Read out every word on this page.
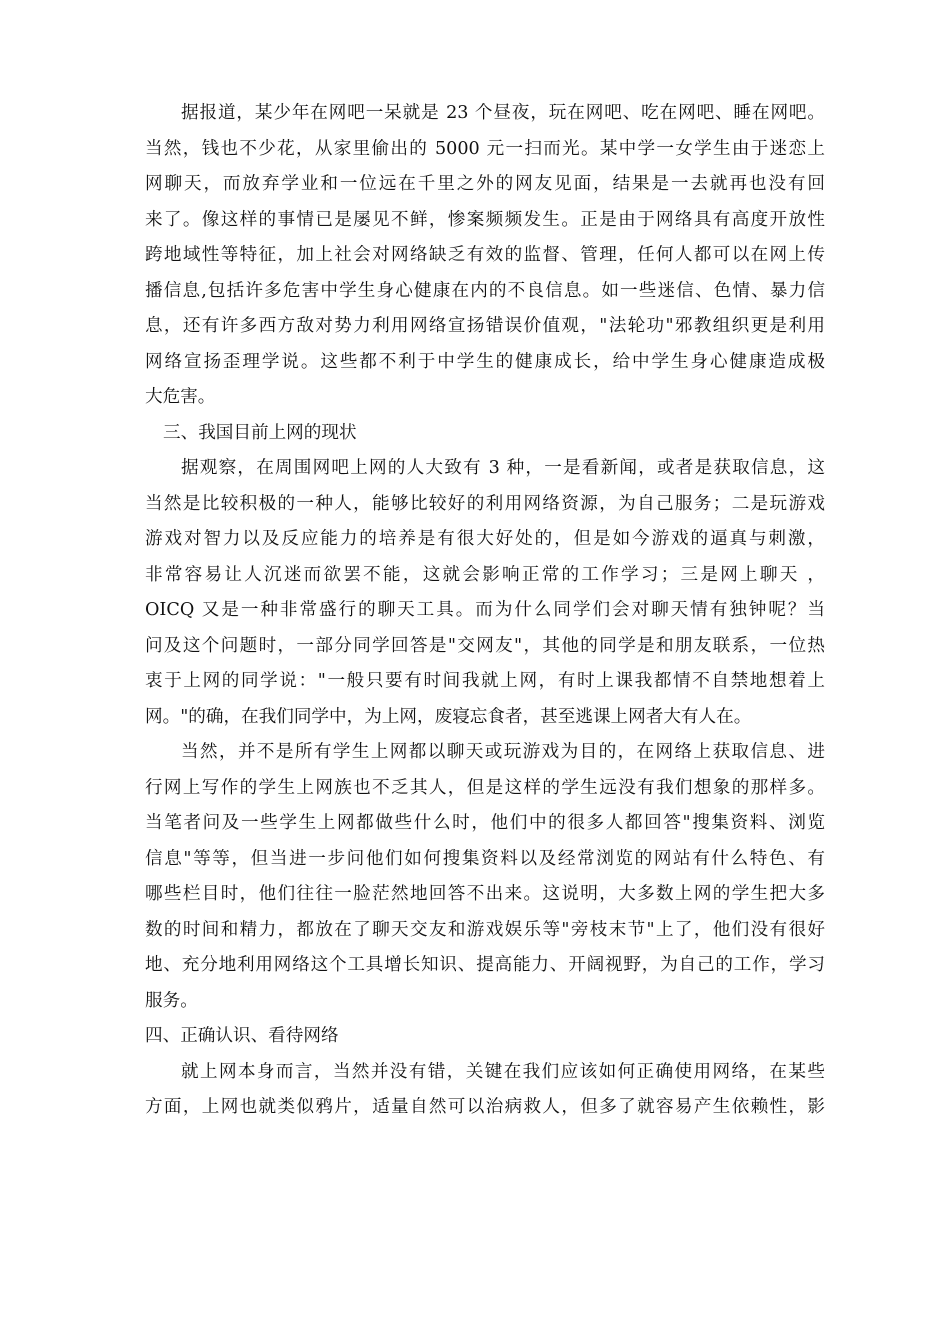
据报道，某少年在网吧一呆就是 23 个昼夜，玩在网吧、吃在网吧、睡在网吧。
当然，钱也不少花，从家里偷出的 5000 元一扫而光。某中学一女学生由于迷恋上
网聊天，而放弃学业和一位远在千里之外的网友见面，结果是一去就再也没有回
来了。像这样的事情已是屡见不鲜，惨案频频发生。正是由于网络具有高度开放性
跨地域性等特征，加上社会对网络缺乏有效的监督、管理，任何人都可以在网上传
播信息,包括许多危害中学生身心健康在内的不良信息。如一些迷信、色情、暴力信
息，还有许多西方敌对势力利用网络宣扬错误价值观，"法轮功"邪教组织更是利用
网络宣扬歪理学说。这些都不利于中学生的健康成长，给中学生身心健康造成极
大危害。
三、我国目前上网的现状
据观察，在周围网吧上网的人大致有 3 种，一是看新闻，或者是获取信息，这
当然是比较积极的一种人，能够比较好的利用网络资源，为自己服务；二是玩游戏
游戏对智力以及反应能力的培养是有很大好处的，但是如今游戏的逼真与刺激，
非常容易让人沉迷而欲罢不能，这就会影响正常的工作学习；三是网上聊天 ，
OICQ 又是一种非常盛行的聊天工具。而为什么同学们会对聊天情有独钟呢？当
问及这个问题时，一部分同学回答是"交网友"，其他的同学是和朋友联系，一位热
衷于上网的同学说："一般只要有时间我就上网，有时上课我都情不自禁地想着上
网。"的确，在我们同学中，为上网，废寝忘食者，甚至逃课上网者大有人在。
当然，并不是所有学生上网都以聊天或玩游戏为目的，在网络上获取信息、进
行网上写作的学生上网族也不乏其人，但是这样的学生远没有我们想象的那样多。
当笔者问及一些学生上网都做些什么时，他们中的很多人都回答"搜集资料、浏览
信息"等等，但当进一步问他们如何搜集资料以及经常浏览的网站有什么特色、有
哪些栏目时，他们往往一脸茫然地回答不出来。这说明，大多数上网的学生把大多
数的时间和精力，都放在了聊天交友和游戏娱乐等"旁枝末节"上了，他们没有很好
地、充分地利用网络这个工具增长知识、提高能力、开阔视野，为自己的工作，学习
服务。
四、正确认识、看待网络
就上网本身而言，当然并没有错，关键在我们应该如何正确使用网络，在某些
方面，上网也就类似鸦片，适量自然可以治病救人，但多了就容易产生依赖性，影
